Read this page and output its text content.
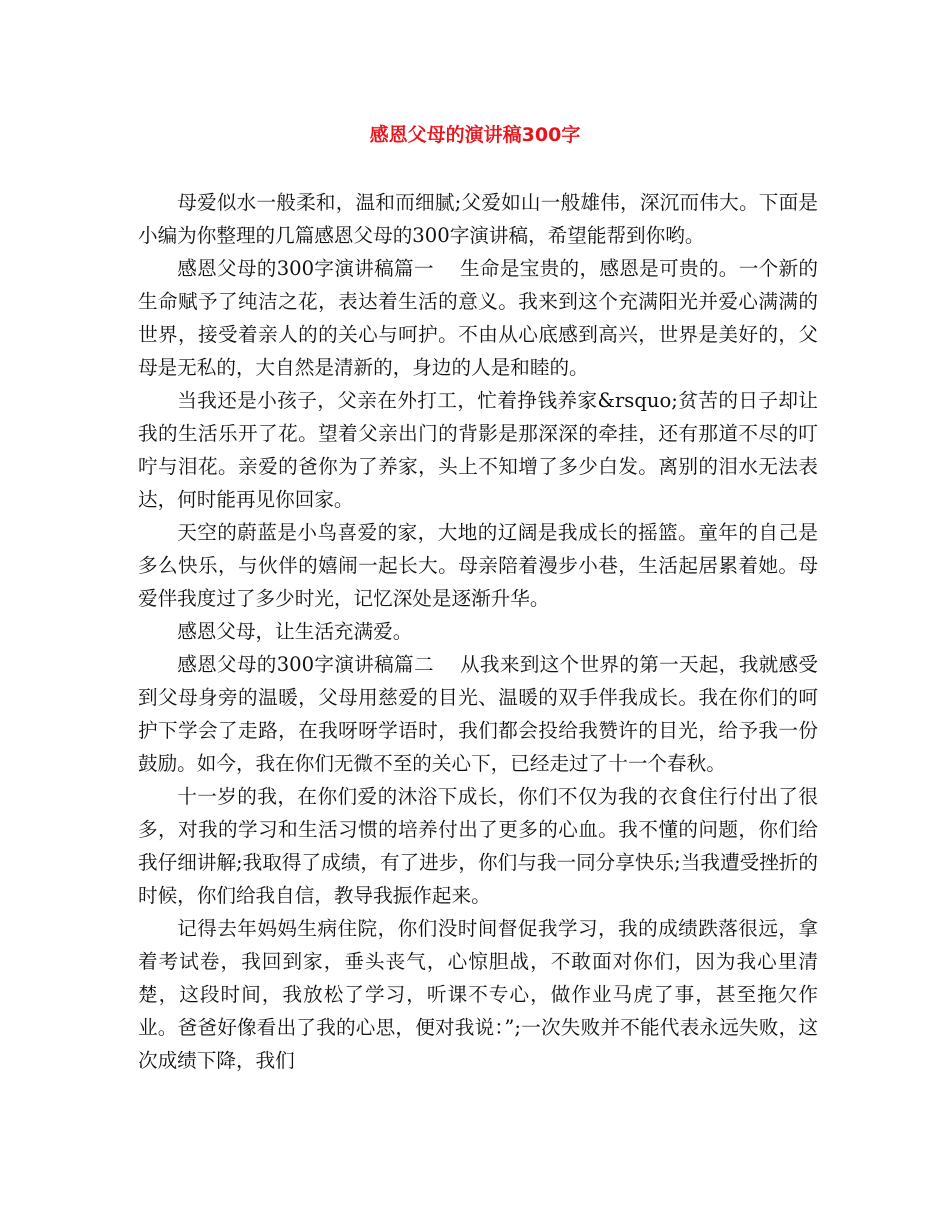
感恩父母的演讲稿300字

母爱似水一般柔和，温和而细腻;父爱如山一般雄伟，深沉而伟大。下面是小编为你整理的几篇感恩父母的300字演讲稿，希望能帮到你哟。

感恩父母的300字演讲稿篇一    生命是宝贵的，感恩是可贵的。一个新的生命赋予了纯洁之花，表达着生活的意义。我来到这个充满阳光并爱心满满的世界，接受着亲人的的关心与呵护。不由从心底感到高兴，世界是美好的，父母是无私的，大自然是清新的，身边的人是和睦的。

当我还是小孩子，父亲在外打工，忙着挣钱养家&rsquo;贫苦的日子却让我的生活乐开了花。望着父亲出门的背影是那深深的牵挂，还有那道不尽的叮咛与泪花。亲爱的爸你为了养家，头上不知增了多少白发。离别的泪水无法表达，何时能再见你回家。

天空的蔚蓝是小鸟喜爱的家，大地的辽阔是我成长的摇篮。童年的自己是多么快乐，与伙伴的嬉闹一起长大。母亲陪着漫步小巷，生活起居累着她。母爱伴我度过了多少时光，记忆深处是逐渐升华。

感恩父母，让生活充满爱。

感恩父母的300字演讲稿篇二    从我来到这个世界的第一天起，我就感受到父母身旁的温暖，父母用慈爱的目光、温暖的双手伴我成长。我在你们的呵护下学会了走路，在我呀呀学语时，我们都会投给我赞许的目光，给予我一份鼓励。如今，我在你们无微不至的关心下，已经走过了十一个春秋。

十一岁的我，在你们爱的沐浴下成长，你们不仅为我的衣食住行付出了很多，对我的学习和生活习惯的培养付出了更多的心血。我不懂的问题，你们给我仔细讲解;我取得了成绩，有了进步，你们与我一同分享快乐;当我遭受挫折的时候，你们给我自信，教导我振作起来。

记得去年妈妈生病住院，你们没时间督促我学习，我的成绩跌落很远，拿着考试卷，我回到家，垂头丧气，心惊胆战，不敢面对你们，因为我心里清楚，这段时间，我放松了学习，听课不专心，做作业马虎了事，甚至拖欠作业。爸爸好像看出了我的心思，便对我说：”;一次失败并不能代表永远失败，这次成绩下降，我们
